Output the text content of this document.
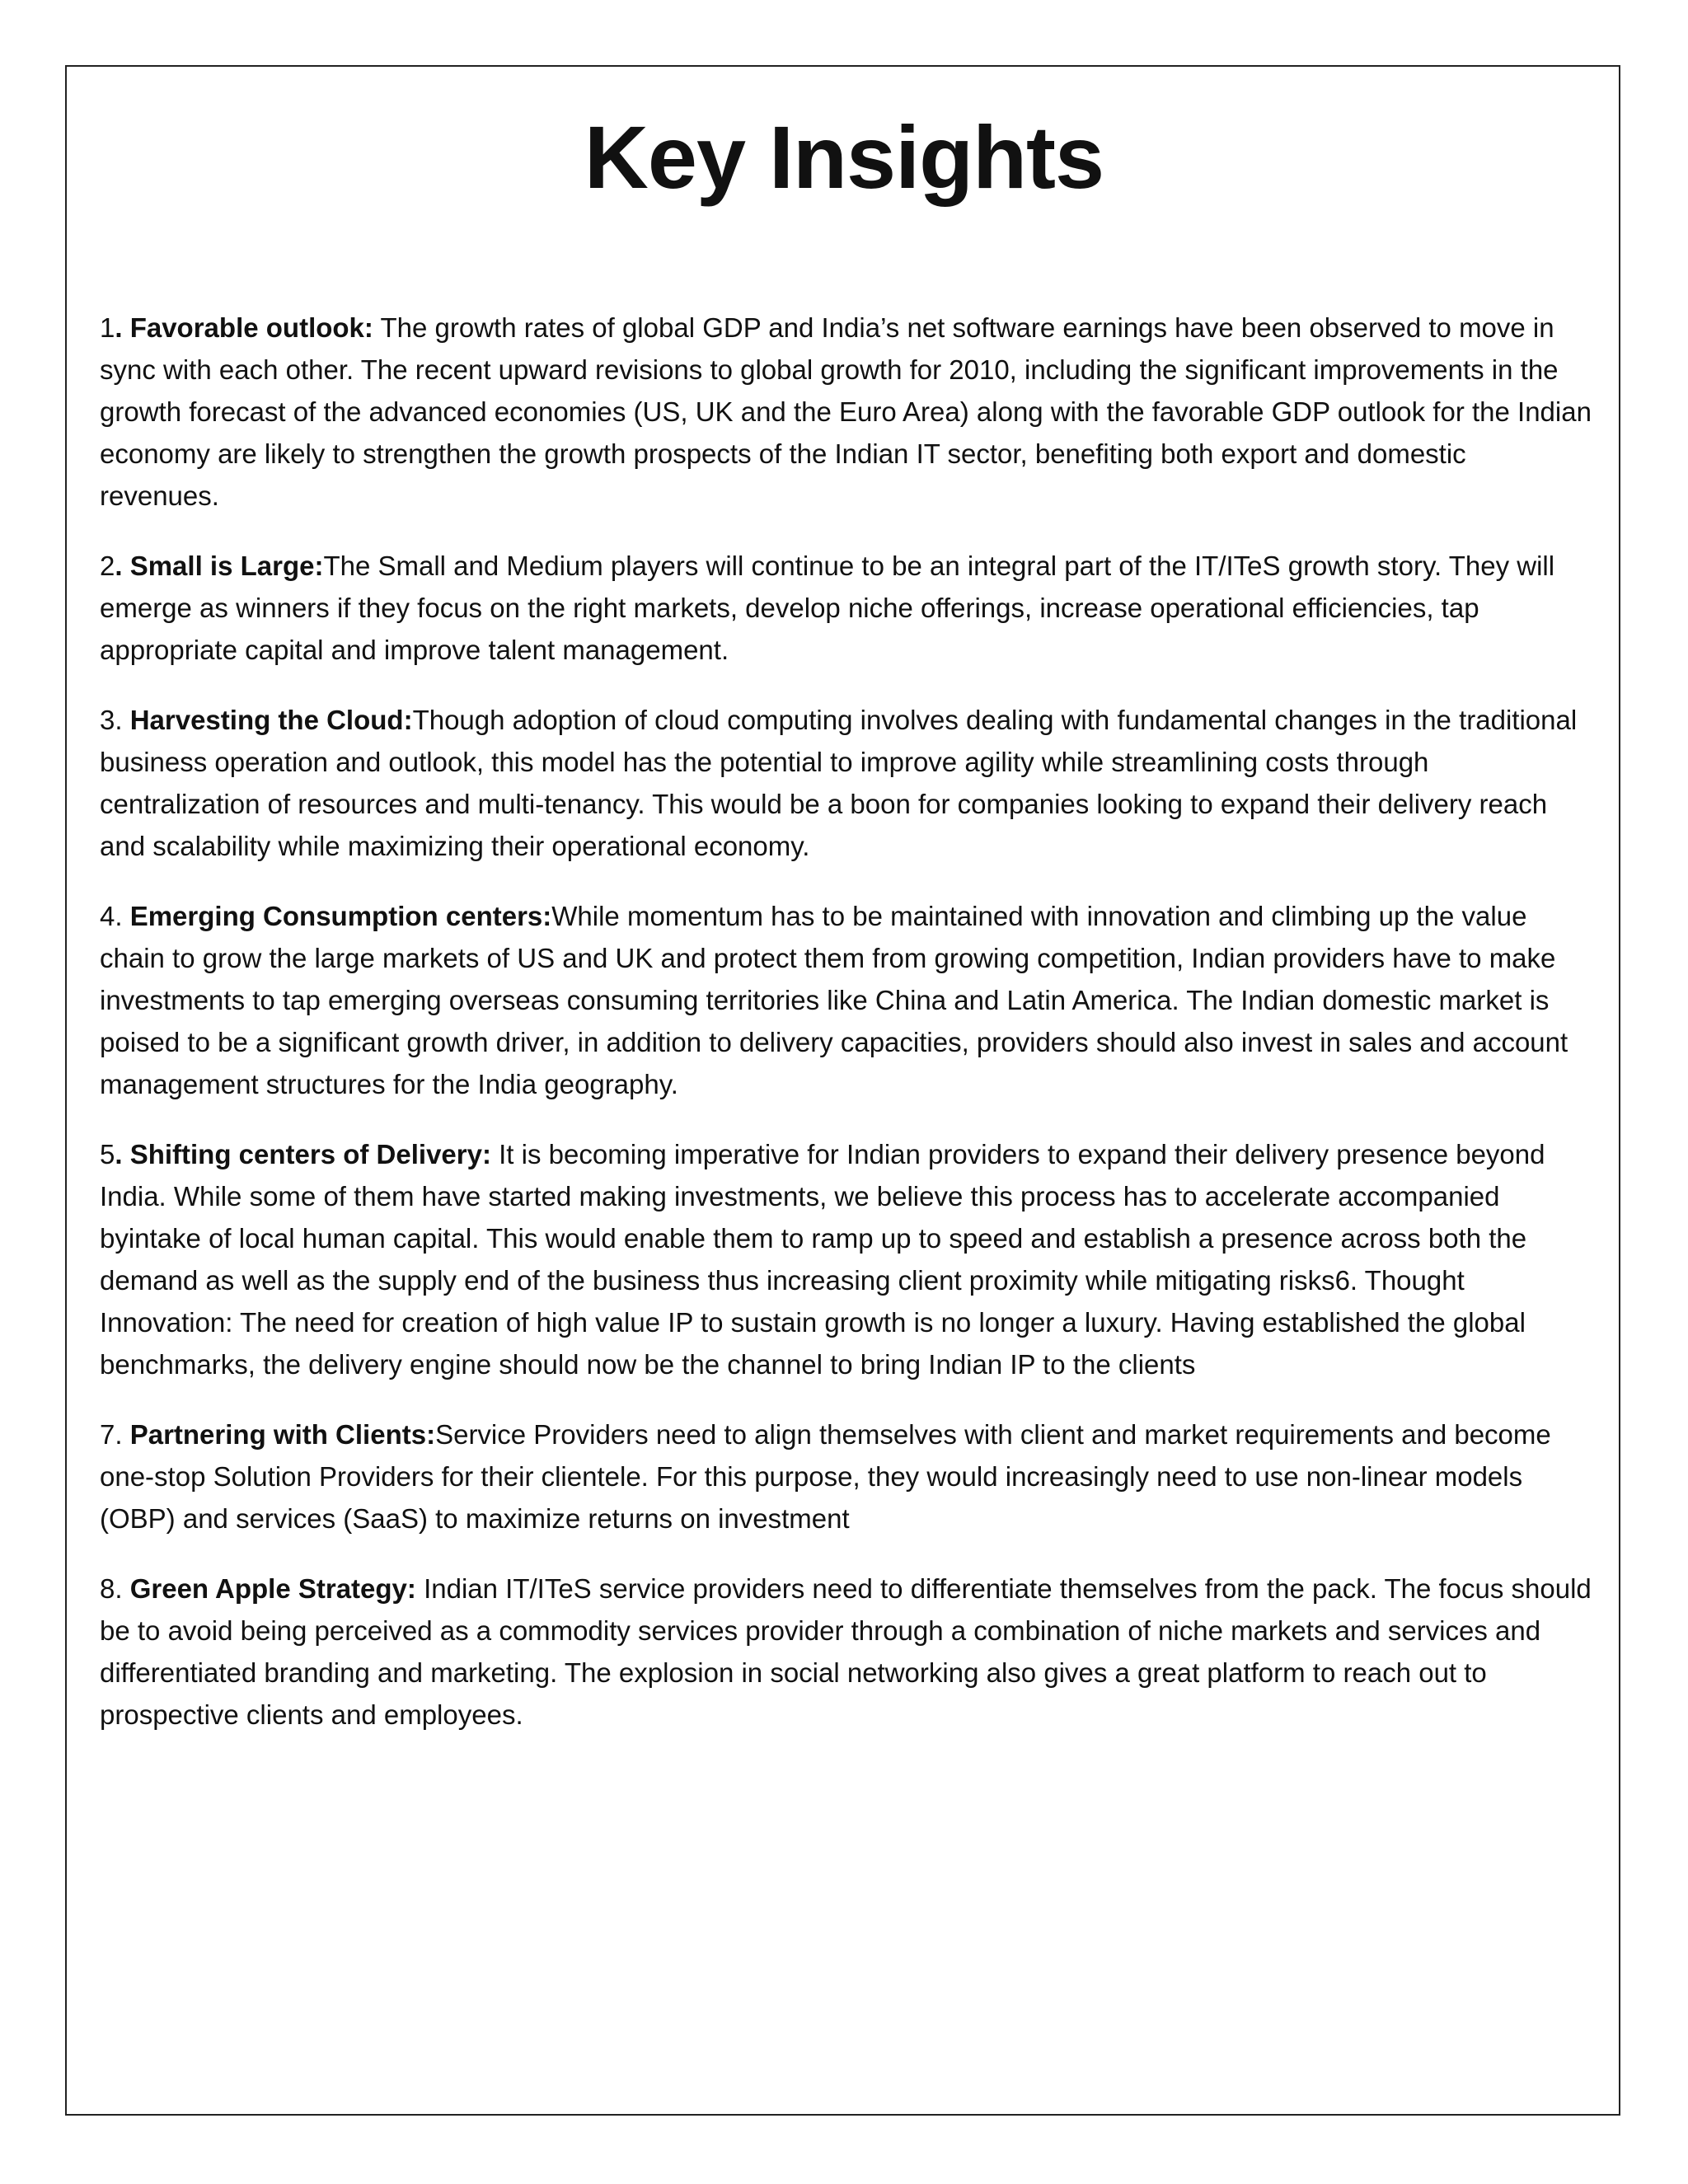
Key Insights

1. Favorable outlook: The growth rates of global GDP and India’s net software earnings have been observed to move in sync with each other. The recent upward revisions to global growth for 2010, including the significant improvements in the growth forecast of the advanced economies (US, UK and the Euro Area) along with the favorable GDP outlook for the Indian economy are likely to strengthen the growth prospects of the Indian IT sector, benefiting both export and domestic revenues.

2. Small is Large:The Small and Medium players will continue to be an integral part of the IT/ITeS growth story. They will emerge as winners if they focus on the right markets, develop niche offerings, increase operational efficiencies, tap appropriate capital and improve talent management.

3. Harvesting the Cloud:Though adoption of cloud computing involves dealing with fundamental changes in the traditional business operation and outlook, this model has the potential to improve agility while streamlining costs through centralization of resources and multi-tenancy. This would be a boon for companies looking to expand their delivery reach and scalability while maximizing their operational economy.

4. Emerging Consumption centers:While momentum has to be maintained with innovation and climbing up the value chain to grow the large markets of US and UK and protect them from growing competition, Indian providers have to make investments to tap emerging overseas consuming territories like China and Latin America. The Indian domestic market is poised to be a significant growth driver, in addition to delivery capacities, providers should also invest in sales and account management structures for the India geography.

5. Shifting centers of Delivery: It is becoming imperative for Indian providers to expand their delivery presence beyond India. While some of them have started making investments, we believe this process has to accelerate accompanied byintake of local human capital. This would enable them to ramp up to speed and establish a presence across both the demand as well as the supply end of the business thus increasing client proximity while mitigating risks6. Thought Innovation: The need for creation of high value IP to sustain growth is no longer a luxury. Having established the global benchmarks, the delivery engine should now be the channel to bring Indian IP to the clients

7. Partnering with Clients:Service Providers need to align themselves with client and market requirements and become one-stop Solution Providers for their clientele. For this purpose, they would increasingly need to use non-linear models (OBP) and services (SaaS) to maximize returns on investment

8. Green Apple Strategy: Indian IT/ITeS service providers need to differentiate themselves from the pack. The focus should be to avoid being perceived as a commodity services provider through a combination of niche markets and services and differentiated branding and marketing. The explosion in social networking also gives a great platform to reach out to prospective clients and employees.
